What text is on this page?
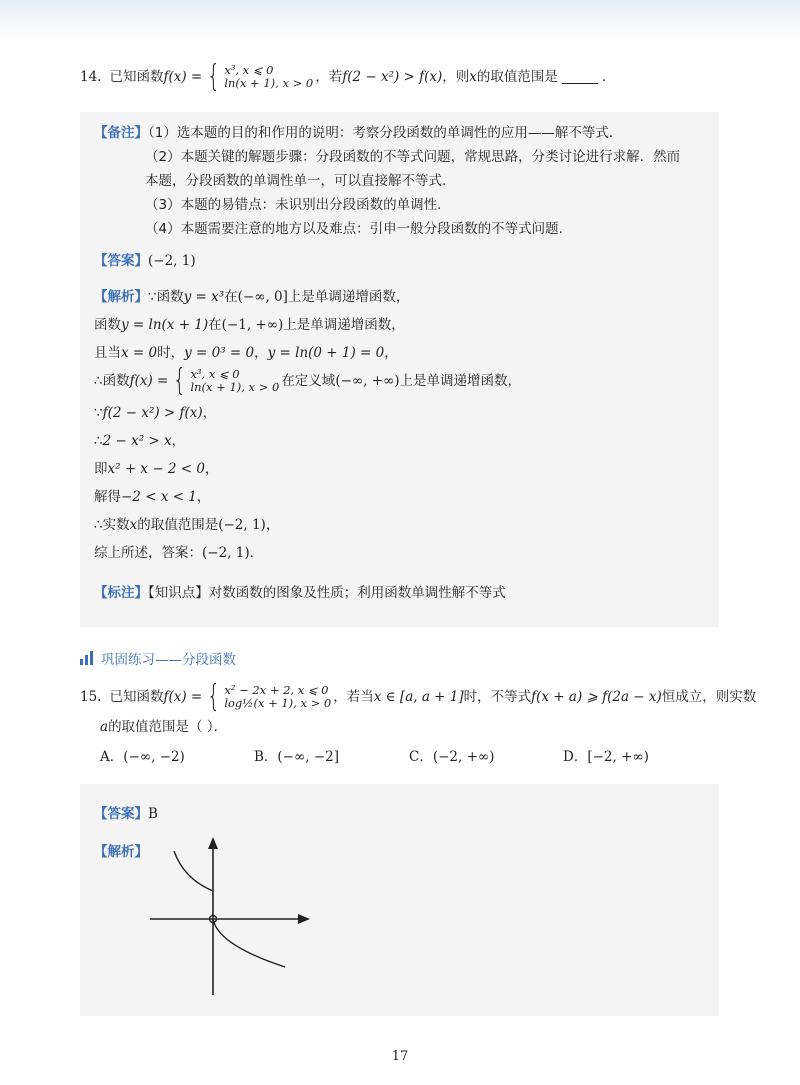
14. 已知函数 f(x) = { x³, x ⩽ 0
ln(x + 1), x > 0 ，若 f(2 − x²) > f(x) ，则 x 的取值范围是	．
【备注】（1）选本题的目的和作用的说明：考察分段函数的单调性的应用——解不等式．
（2）本题关键的解题步骤：分段函数的不等式问题，常规思路，分类讨论进行求解．然而
本题，分段函数的单调性单一，可以直接解不等式.
（3）本题的易错点：未识别出分段函数的单调性.
（4）本题需要注意的地方以及难点：引申一般分段函数的不等式问题.
【答案】(−2, 1)
【解析】∵函数y = x³在(−∞, 0]上是单调递增函数，
函数y = ln(x + 1)在(−1, +∞)上是单调递增函数，
且当x = 0时，y = 0³ = 0，y = ln(0 + 1) = 0，
∴函数 f(x) = { x³, x ⩽ 0
ln(x + 1), x > 0 在定义域 (−∞, +∞) 上是单调递增函数，
∵f(2 − x²) > f(x)，
∴2 − x² > x，
即x² + x − 2 < 0，
解得−2 < x < 1，
∴实数x的取值范围是(−2, 1)，
综上所述，答案：(−2, 1)．
【标注】【知识点】对数函数的图象及性质；利用函数单调性解不等式
巩固练习——分段函数
15. 已知函数 f(x) = { x² − 2x + 2, x ⩽ 0
log½(x + 1), x > 0 ，若当 x ∈ [a, a + 1] 时，不等式 f(x + a) ⩾ f(2a − x) 恒成立，则实数
a的取值范围是（ ）．
A．(−∞, −2)	B．(−∞, −2]	C．(−2, +∞)	D．[−2, +∞)
【答案】B
【解析】
17
